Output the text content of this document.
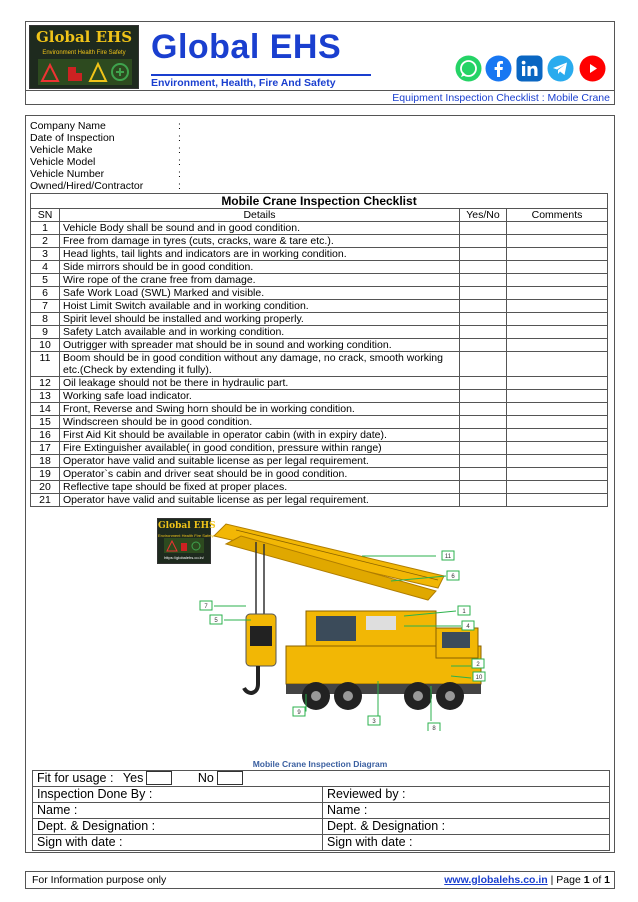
Global EHS
Environment Health Fire Safety Global EHS
Environment, Health, Fire And Safety
Equipment Inspection Checklist : Mobile Crane
Company Name	:
Date of Inspection	:
Vehicle Make	:
Vehicle Model	:
Vehicle Number	:
Owned/Hired/Contractor	:
Mobile Crane Inspection Checklist			
SN	Details	Yes/No	Comments
1	Vehicle Body shall be sound and in good condition.		
2	Free from damage in tyres (cuts, cracks, ware & tare etc.).		
3	Head lights, tail lights and indicators are in working condition.		
4	Side mirrors should be in good condition.		
5	Wire rope of the crane free from damage.		
6	Safe Work Load (SWL) Marked and visible.		
7	Hoist Limit Switch available and in working condition.		
8	Spirit level should be installed and working properly.		
9	Safety Latch available and in working condition.		
10	Outrigger with spreader mat should be in sound and working condition.		
11	Boom should be in good condition without any damage, no crack, smooth working etc.(Check by extending it fully).		
12	Oil leakage should not be there in hydraulic part.		
13	Working safe load indicator.		
14	Front, Reverse and Swing horn should be in working condition.		
15	Windscreen should be in good condition.		
16	First Aid Kit should be available in operator cabin (with in expiry date).		
17	Fire Extinguisher available( in good condition, pressure within range)		
18	Operator have valid and suitable license as per legal requirement.		
19	Operator`s cabin and driver seat should be in good condition.		
20	Reflective tape should be fixed at proper places.		
21	Operator have valid and suitable license as per legal requirement.		
11
6
1
4
7
5
2
10
9
3
8
Global EHS
Environment Health Fire Safety
https://globalehs.co.in/
Mobile Crane Inspection Diagram
Fit for usage : Yes No	
Inspection Done By :	Reviewed by :
Name :	Name :
Dept. & Designation :	Dept. & Designation :
Sign with date :	Sign with date :
For Information purpose only	www.globalehs.co.in | Page 1 of 1
